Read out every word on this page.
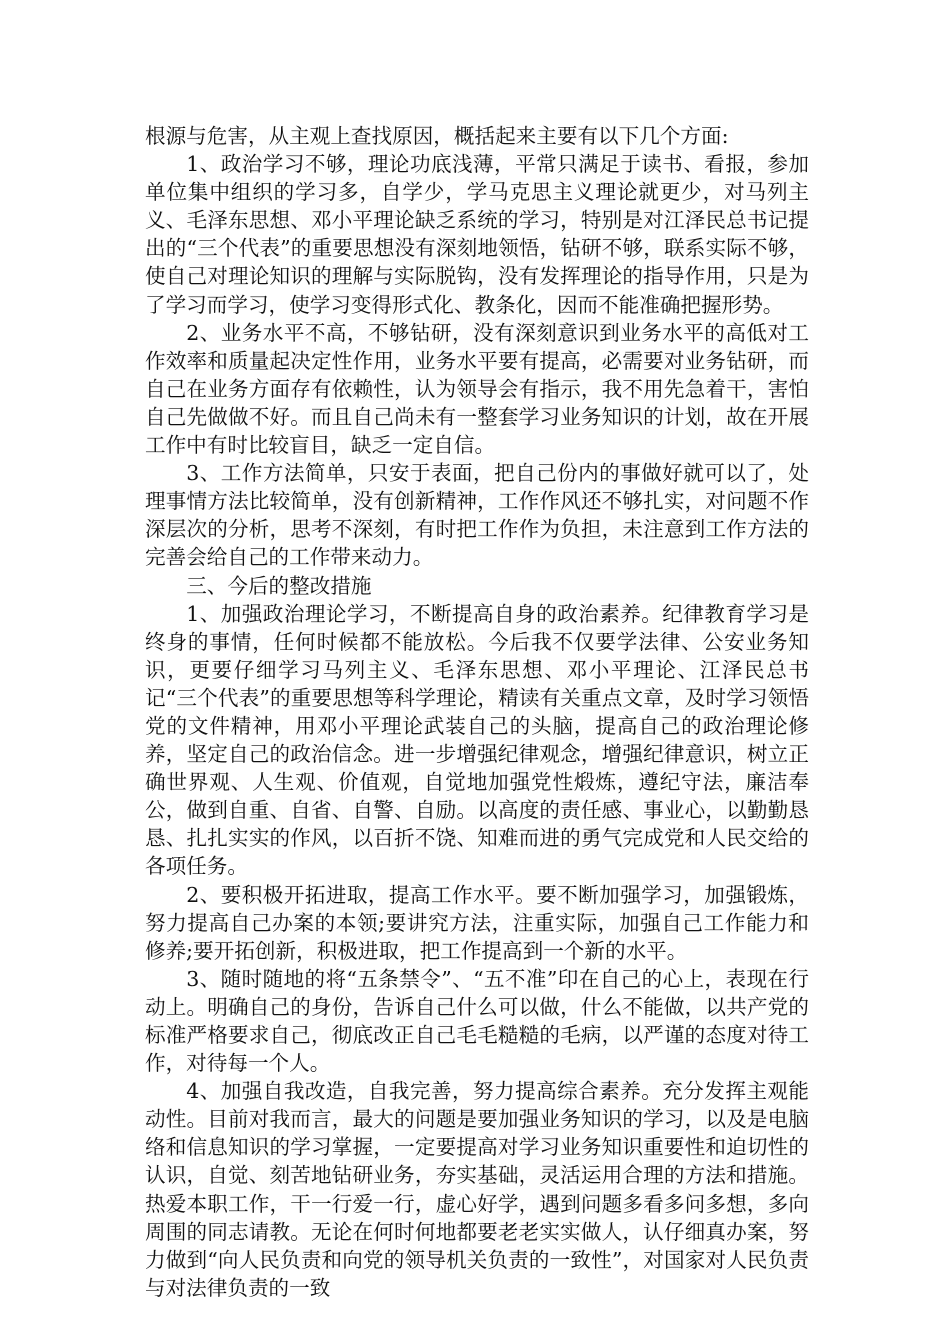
根源与危害，从主观上查找原因，概括起来主要有以下几个方面:

1、政治学习不够，理论功底浅薄，平常只满足于读书、看报，参加单位集中组织的学习多，自学少，学马克思主义理论就更少，对马列主义、毛泽东思想、邓小平理论缺乏系统的学习，特别是对江泽民总书记提出的“三个代表”的重要思想没有深刻地领悟，钻研不够，联系实际不够，使自己对理论知识的理解与实际脱钩，没有发挥理论的指导作用，只是为了学习而学习，使学习变得形式化、教条化，因而不能准确把握形势。

2、业务水平不高，不够钻研，没有深刻意识到业务水平的高低对工作效率和质量起决定性作用，业务水平要有提高，必需要对业务钻研，而自己在业务方面存有依赖性，认为领导会有指示，我不用先急着干，害怕自己先做做不好。而且自己尚未有一整套学习业务知识的计划，故在开展工作中有时比较盲目，缺乏一定自信。

3、工作方法简单，只安于表面，把自己份内的事做好就可以了，处理事情方法比较简单，没有创新精神，工作作风还不够扎实，对问题不作深层次的分析，思考不深刻，有时把工作作为负担，未注意到工作方法的完善会给自己的工作带来动力。

三、今后的整改措施

1、加强政治理论学习，不断提高自身的政治素养。纪律教育学习是终身的事情，任何时候都不能放松。今后我不仅要学法律、公安业务知识，更要仔细学习马列主义、毛泽东思想、邓小平理论、江泽民总书记“三个代表”的重要思想等科学理论，精读有关重点文章，及时学习领悟党的文件精神，用邓小平理论武装自己的头脑，提高自己的政治理论修养，坚定自己的政治信念。进一步增强纪律观念，增强纪律意识，树立正确世界观、人生观、价值观，自觉地加强党性煅炼，遵纪守法，廉洁奉公，做到自重、自省、自警、自励。以高度的责任感、事业心，以勤勤恳恳、扎扎实实的作风，以百折不饶、知难而进的勇气完成党和人民交给的各项任务。

2、要积极开拓进取，提高工作水平。要不断加强学习，加强锻炼，努力提高自己办案的本领;要讲究方法，注重实际，加强自己工作能力和修养;要开拓创新，积极进取，把工作提高到一个新的水平。

3、随时随地的将“五条禁令”、“五不准”印在自己的心上，表现在行动上。明确自己的身份，告诉自己什么可以做，什么不能做，以共产党的标准严格要求自己，彻底改正自己毛毛糙糙的毛病，以严谨的态度对待工作，对待每一个人。

4、加强自我改造，自我完善，努力提高综合素养。充分发挥主观能动性。目前对我而言，最大的问题是要加强业务知识的学习，以及是电脑络和信息知识的学习掌握，一定要提高对学习业务知识重要性和迫切性的认识，自觉、刻苦地钻研业务，夯实基础，灵活运用合理的方法和措施。热爱本职工作，干一行爱一行，虚心好学，遇到问题多看多问多想，多向周围的同志请教。无论在何时何地都要老老实实做人，认仔细真办案，努力做到“向人民负责和向党的领导机关负责的一致性”，对国家对人民负责与对法律负责的一致
